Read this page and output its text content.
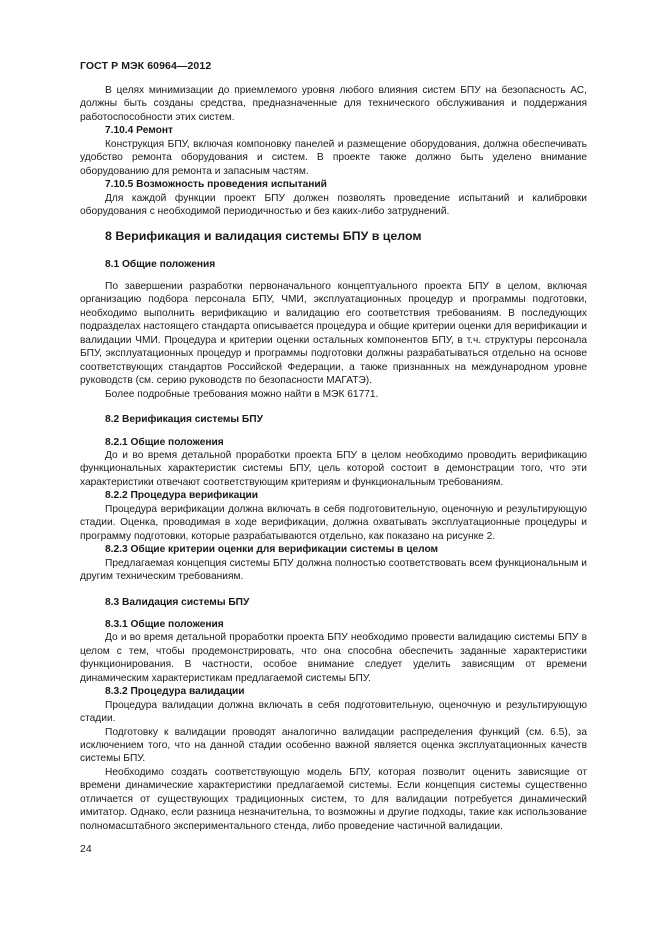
ГОСТ Р МЭК 60964—2012

В целях минимизации до приемлемого уровня любого влияния систем БПУ на безопасность АС, должны быть созданы средства, предназначенные для технического обслуживания и поддержания работоспособности этих систем.

7.10.4 Ремонт

Конструкция БПУ, включая компоновку панелей и размещение оборудования, должна обеспечивать удобство ремонта оборудования и систем. В проекте также должно быть уделено внимание оборудованию для ремонта и запасным частям.

7.10.5 Возможность проведения испытаний

Для каждой функции проект БПУ должен позволять проведение испытаний и калибровки оборудования с необходимой периодичностью и без каких-либо затруднений.

8 Верификация и валидация системы БПУ в целом

8.1 Общие положения

По завершении разработки первоначального концептуального проекта БПУ в целом, включая организацию подбора персонала БПУ, ЧМИ, эксплуатационных процедур и программы подготовки, необходимо выполнить верификацию и валидацию его соответствия требованиям. В последующих подразделах настоящего стандарта описывается процедура и общие критерии оценки для верификации и валидации ЧМИ. Процедура и критерии оценки остальных компонентов БПУ, в т.ч. структуры персонала БПУ, эксплуатационных процедур и программы подготовки должны разрабатываться отдельно на основе соответствующих стандартов Российской Федерации, а также признанных на международном уровне руководств (см. серию руководств по безопасности МАГАТЭ).

Более подробные требования можно найти в МЭК 61771.

8.2 Верификация системы БПУ

8.2.1 Общие положения

До и во время детальной проработки проекта БПУ в целом необходимо проводить верификацию функциональных характеристик системы БПУ, цель которой состоит в демонстрации того, что эти характеристики отвечают соответствующим критериям и функциональным требованиям.

8.2.2 Процедура верификации

Процедура верификации должна включать в себя подготовительную, оценочную и результирующую стадии. Оценка, проводимая в ходе верификации, должна охватывать эксплуатационные процедуры и программу подготовки, которые разрабатываются отдельно, как показано на рисунке 2.

8.2.3 Общие критерии оценки для верификации системы в целом

Предлагаемая концепция системы БПУ должна полностью соответствовать всем функциональным и другим техническим требованиям.

8.3 Валидация системы БПУ

8.3.1 Общие положения

До и во время детальной проработки проекта БПУ необходимо провести валидацию системы БПУ в целом с тем, чтобы продемонстрировать, что она способна обеспечить заданные характеристики функционирования. В частности, особое внимание следует уделить зависящим от времени динамическим характеристикам предлагаемой системы БПУ.

8.3.2 Процедура валидации

Процедура валидации должна включать в себя подготовительную, оценочную и результирующую стадии.

Подготовку к валидации проводят аналогично валидации распределения функций (см. 6.5), за исключением того, что на данной стадии особенно важной является оценка эксплуатационных качеств системы БПУ.

Необходимо создать соответствующую модель БПУ, которая позволит оценить зависящие от времени динамические характеристики предлагаемой системы. Если концепция системы существенно отличается от существующих традиционных систем, то для валидации потребуется динамический имитатор. Однако, если разница незначительна, то возможны и другие подходы, такие как использование полномасштабного экспериментального стенда, либо проведение частичной валидации.

24
